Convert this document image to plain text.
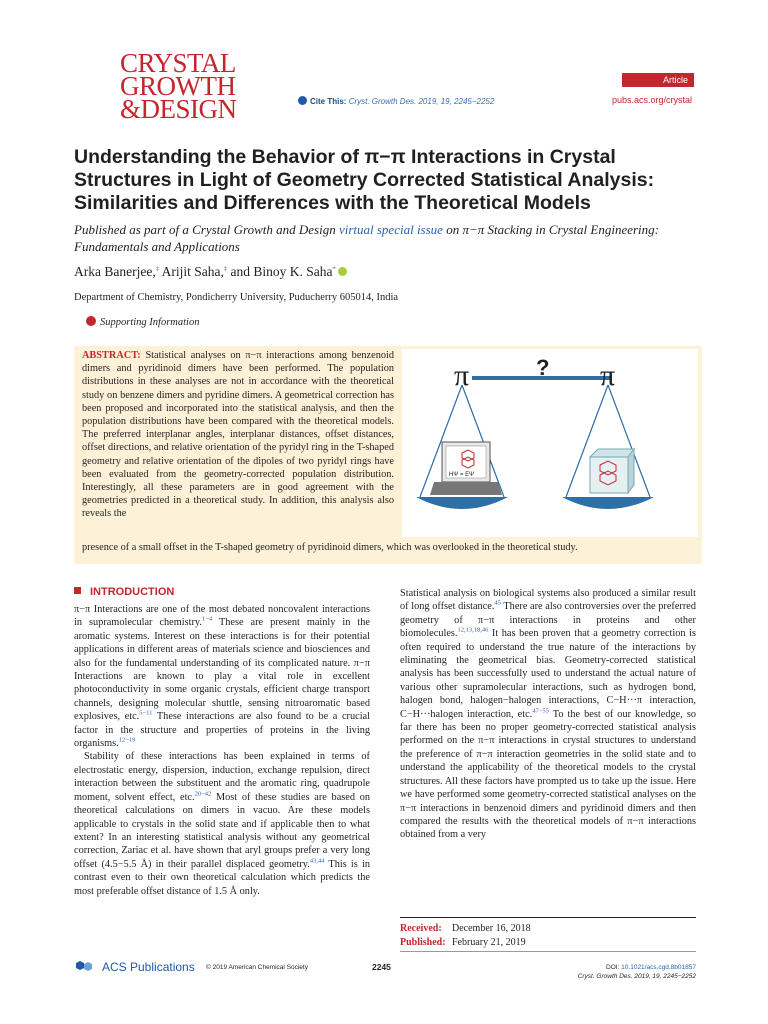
CRYSTAL
GROWTH
&DESIGN
Article
Cite This: Cryst. Growth Des. 2019, 19, 2245−2252	pubs.acs.org/crystal
Understanding the Behavior of π−π Interactions in Crystal Structures in Light of Geometry Corrected Statistical Analysis: Similarities and Differences with the Theoretical Models
Published as part of a Crystal Growth and Design virtual special issue on π−π Stacking in Crystal Engineering: Fundamentals and Applications
Arka Banerjee,‡ Arijit Saha,‡ and Binoy K. Saha*
Department of Chemistry, Pondicherry University, Puducherry 605014, India
Supporting Information
ABSTRACT: Statistical analyses on π−π interactions among benzenoid dimers and pyridinoid dimers have been performed. The population distributions in these analyses are not in accordance with the theoretical study on benzene dimers and pyridine dimers. A geometrical correction has been proposed and incorporated into the statistical analysis, and then the population distributions have been compared with the theoretical models. The preferred interplanar angles, interplanar distances, offset distances, offset directions, and relative orientation of the pyridyl ring in the T-shaped geometry and relative orientation of the dipoles of two pyridyl rings have been evaluated from the geometry-corrected population distribution. Interestingly, all these parameters are in good agreement with the geometries predicted in a theoretical study. In addition, this analysis also reveals the
presence of a small offset in the T-shaped geometry of pyridinoid dimers, which was overlooked in the theoretical study.
π	π
?
HΨ = EΨ
INTRODUCTION

π−π Interactions are one of the most debated noncovalent interactions in supramolecular chemistry.$^{1-4}$ These are present mainly in the aromatic systems. Interest on these interactions is for their potential applications in different areas of materials science and biosciences and also for the fundamental understanding of its complicated nature. π−π Interactions are known to play a vital role in excellent photoconductivity in some organic crystals, efficient charge transport channels, designing molecular shuttle, sensing nitroaromatic based explosives, etc.$^{5-11}$ These interactions are also found to be a crucial factor in the structure and properties of proteins in the living organisms.$^{12-19}$

Stability of these interactions has been explained in terms of electrostatic energy, dispersion, induction, exchange repulsion, direct interaction between the substituent and the aromatic ring, quadrupole moment, solvent effect, etc.$^{20-42}$ Most of these studies are based on theoretical calculations on dimers in vacuo. Are these models applicable to crystals in the solid state and if applicable then to what extent? In an interesting statistical analysis without any geometrical correction, Zariac et al. have shown that aryl groups prefer a very long offset (4.5−5.5 Å) in their parallel displaced geometry.$^{43,44}$ This is in contrast even to their own theoretical calculation which predicts the most preferable offset distance of 1.5 Å only.

Statistical analysis on biological systems also produced a similar result of long offset distance.$^{45}$ There are also controversies over the preferred geometry of π−π interactions in proteins and other biomolecules.$^{12,13,18,46}$ It has been proven that a geometry correction is often required to understand the true nature of the interactions by eliminating the geometrical bias. Geometry-corrected statistical analysis has been successfully used to understand the actual nature of various other supramolecular interactions, such as hydrogen bond, halogen bond, halogen−halogen interactions, C−H···π interaction, C−H···halogen interaction, etc.$^{47-55}$ To the best of our knowledge, so far there has been no proper geometry-corrected statistical analysis performed on the π−π interactions in crystal structures to understand the preference of π−π interaction geometries in the solid state and to understand the applicability of the theoretical models to the crystal structures. All these factors have prompted us to take up the issue. Here we have performed some geometry-corrected statistical analyses on the π−π interactions in benzenoid dimers and pyridinoid dimers and then compared the results with the theoretical models of π−π interactions obtained from a very

Received: December 16, 2018
Published: February 21, 2019
ACS Publications © 2019 American Chemical Society	2245	DOI: 10.1021/acs.cgd.8b01857
Cryst. Growth Des. 2019, 19, 2245−2252
